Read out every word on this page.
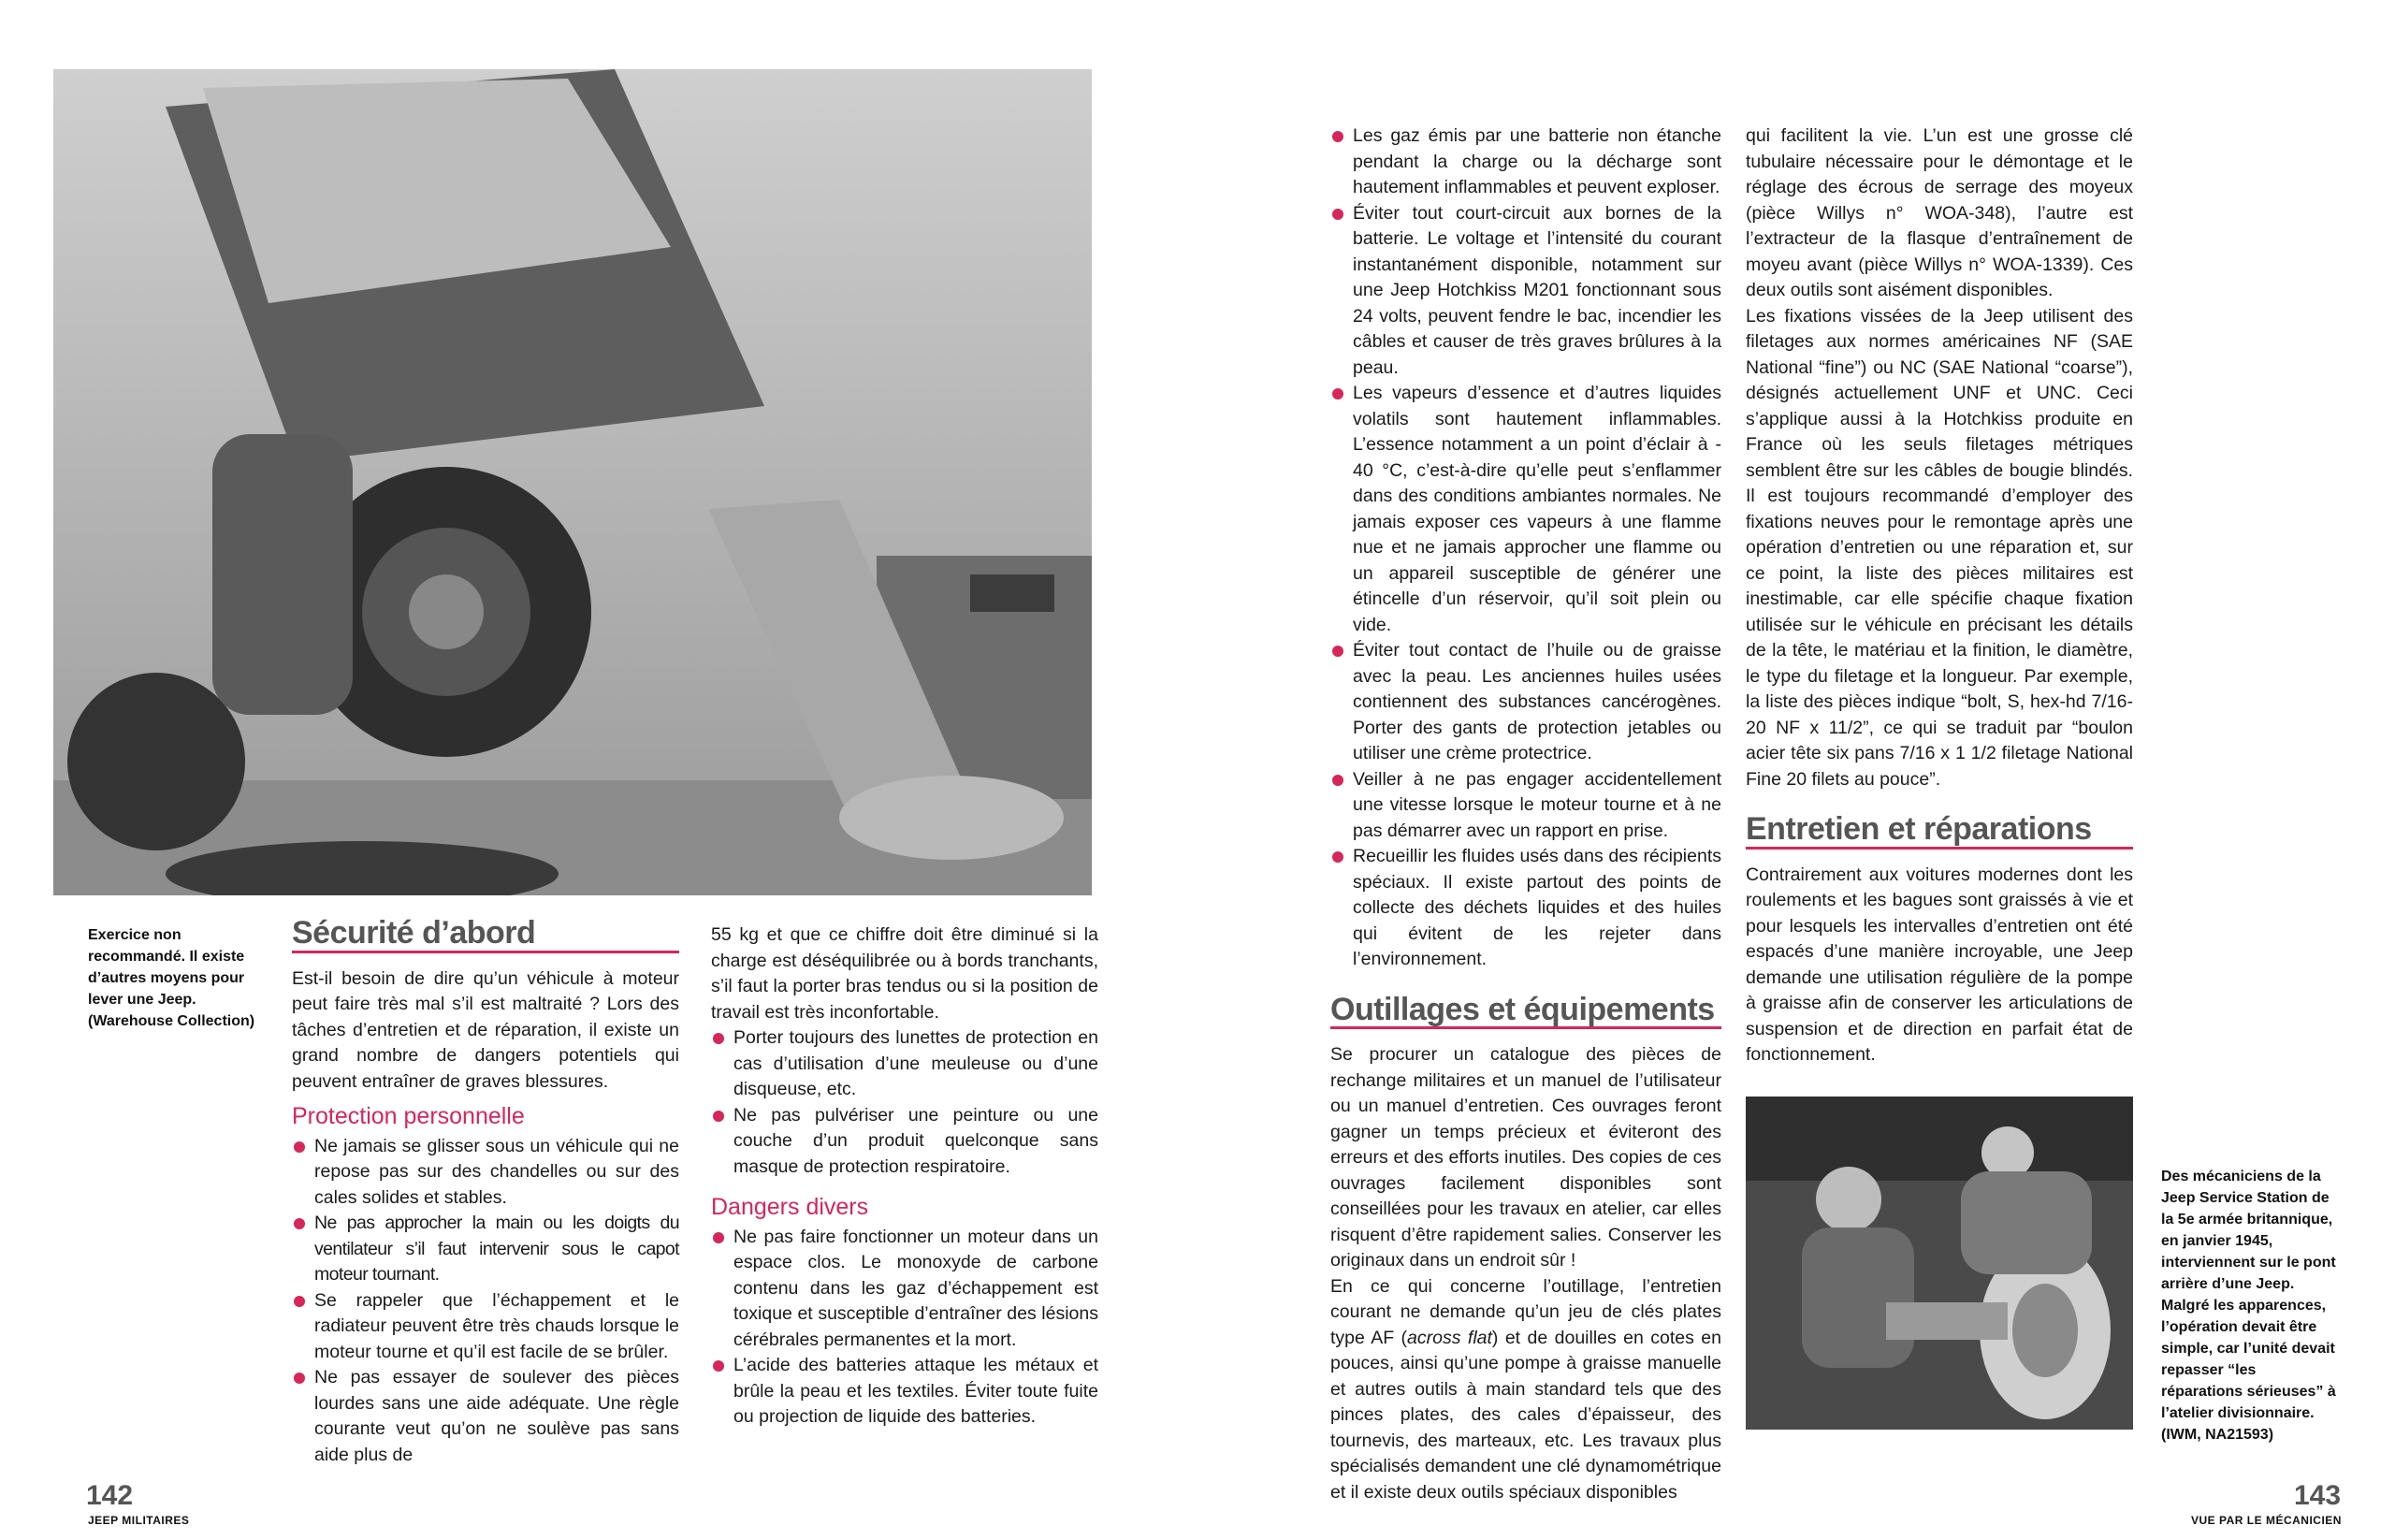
Exercice non recommandé. Il existe d’autres moyens pour lever une Jeep. (Warehouse Collection)
Sécurité d’abord

Est-il besoin de dire qu’un véhicule à moteur peut faire très mal s’il est maltraité ? Lors des tâches d’entretien et de réparation, il existe un grand nombre de dangers potentiels qui peuvent entraîner de graves blessures.

Protection personnelle
Ne jamais se glisser sous un véhicule qui ne repose pas sur des chandelles ou sur des cales solides et stables.
Ne pas approcher la main ou les doigts du ventilateur s’il faut intervenir sous le capot moteur tournant.
Se rappeler que l’échappement et le radiateur peuvent être très chauds lorsque le moteur tourne et qu’il est facile de se brûler.
Ne pas essayer de soulever des pièces lourdes sans une aide adéquate. Une règle courante veut qu’on ne soulève pas sans aide plus de

55 kg et que ce chiffre doit être diminué si la charge est déséquilibrée ou à bords tranchants, s’il faut la porter bras tendus ou si la position de travail est très inconfortable.

Porter toujours des lunettes de protection en cas d’utilisation d’une meuleuse ou d’une disqueuse, etc.
Ne pas pulvériser une peinture ou une couche d’un produit quelconque sans masque de protection respiratoire.
Dangers divers
Ne pas faire fonctionner un moteur dans un espace clos. Le monoxyde de carbone contenu dans les gaz d’échappement est toxique et susceptible d’entraîner des lésions cérébrales permanentes et la mort.
L’acide des batteries attaque les métaux et brûle la peau et les textiles. Éviter toute fuite ou projection de liquide des batteries.
142
JEEP MILITAIRES
Les gaz émis par une batterie non étanche pendant la charge ou la décharge sont hautement inflammables et peuvent exploser.
Éviter tout court-circuit aux bornes de la batterie. Le voltage et l’intensité du courant instantanément disponible, notamment sur une Jeep Hotchkiss M201 fonctionnant sous 24 volts, peuvent fendre le bac, incendier les câbles et causer de très graves brûlures à la peau.
Les vapeurs d’essence et d’autres liquides volatils sont hautement inflammables. L’essence notamment a un point d’éclair à - 40 °C, c’est-à-dire qu’elle peut s’enflammer dans des conditions ambiantes normales. Ne jamais exposer ces vapeurs à une flamme nue et ne jamais approcher une flamme ou un appareil susceptible de générer une étincelle d’un réservoir, qu’il soit plein ou vide.
Éviter tout contact de l’huile ou de graisse avec la peau. Les anciennes huiles usées contiennent des substances cancérogènes. Porter des gants de protection jetables ou utiliser une crème protectrice.
Veiller à ne pas engager accidentellement une vitesse lorsque le moteur tourne et à ne pas démarrer avec un rapport en prise.
Recueillir les fluides usés dans des récipients spéciaux. Il existe partout des points de collecte des déchets liquides et des huiles qui évitent de les rejeter dans l’environnement.
Outillages et équipements

Se procurer un catalogue des pièces de rechange militaires et un manuel de l’utilisateur ou un manuel d’entretien. Ces ouvrages feront gagner un temps précieux et éviteront des erreurs et des efforts inutiles. Des copies de ces ouvrages facilement disponibles sont conseillées pour les travaux en atelier, car elles risquent d’être rapidement salies. Conserver les originaux dans un endroit sûr !

En ce qui concerne l’outillage, l’entretien courant ne demande qu’un jeu de clés plates type AF (across flat) et de douilles en cotes en pouces, ainsi qu’une pompe à graisse manuelle et autres outils à main standard tels que des pinces plates, des cales d’épaisseur, des tournevis, des marteaux, etc. Les travaux plus spécialisés demandent une clé dynamométrique et il existe deux outils spéciaux disponibles

qui facilitent la vie. L’un est une grosse clé tubulaire nécessaire pour le démontage et le réglage des écrous de serrage des moyeux (pièce Willys n° WOA-348), l’autre est l’extracteur de la flasque d’entraînement de moyeu avant (pièce Willys n° WOA-1339). Ces deux outils sont aisément disponibles.

Les fixations vissées de la Jeep utilisent des filetages aux normes américaines NF (SAE National “fine”) ou NC (SAE National “coarse”), désignés actuellement UNF et UNC. Ceci s’applique aussi à la Hotchkiss produite en France où les seuls filetages métriques semblent être sur les câbles de bougie blindés. Il est toujours recommandé d’employer des fixations neuves pour le remontage après une opération d’entretien ou une réparation et, sur ce point, la liste des pièces militaires est inestimable, car elle spécifie chaque fixation utilisée sur le véhicule en précisant les détails de la tête, le matériau et la finition, le diamètre, le type du filetage et la longueur. Par exemple, la liste des pièces indique “bolt, S, hex-hd 7/16-20 NF x 11/2”, ce qui se traduit par “boulon acier tête six pans 7/16 x 1 1/2 filetage National Fine 20 filets au pouce”.

Entretien et réparations

Contrairement aux voitures modernes dont les roulements et les bagues sont graissés à vie et pour lesquels les intervalles d’entretien ont été espacés d’une manière incroyable, une Jeep demande une utilisation régulière de la pompe à graisse afin de conserver les articulations de suspension et de direction en parfait état de fonctionnement.

Des mécaniciens de la Jeep Service Station de la 5e armée britannique, en janvier 1945, interviennent sur le pont arrière d’une Jeep. Malgré les apparences, l’opération devait être simple, car l’unité devait repasser “les réparations sérieuses” à l’atelier divisionnaire. (IWM, NA21593)
143
VUE PAR LE MÉCANICIEN
